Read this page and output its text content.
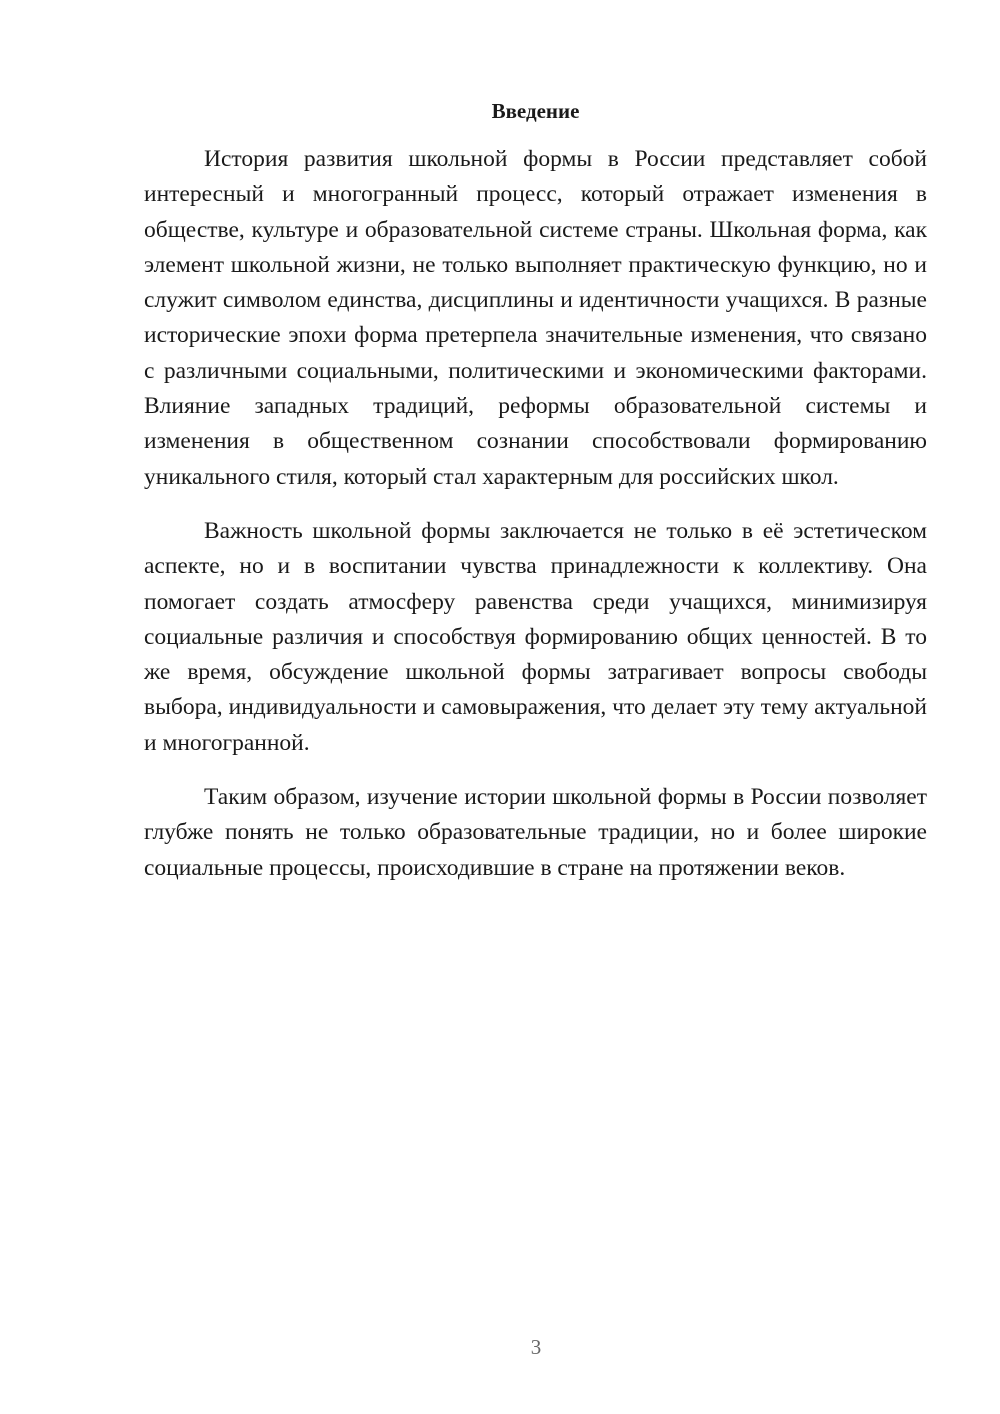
Введение

История развития школьной формы в России представляет собой интересный и многогранный процесс, который отражает изменения в обществе, культуре и образовательной системе страны. Школьная форма, как элемент школьной жизни, не только выполняет практическую функцию, но и служит символом единства, дисциплины и идентичности учащихся. В разные исторические эпохи форма претерпела значительные изменения, что связано с различными социальными, политическими и экономическими факторами. Влияние западных традиций, реформы образовательной системы и изменения в общественном сознании способствовали формированию уникального стиля, который стал характерным для российских школ.

Важность школьной формы заключается не только в её эстетическом аспекте, но и в воспитании чувства принадлежности к коллективу. Она помогает создать атмосферу равенства среди учащихся, минимизируя социальные различия и способствуя формированию общих ценностей. В то же время, обсуждение школьной формы затрагивает вопросы свободы выбора, индивидуальности и самовыражения, что делает эту тему актуальной и многогранной.

Таким образом, изучение истории школьной формы в России позволяет глубже понять не только образовательные традиции, но и более широкие социальные процессы, происходившие в стране на протяжении веков.

3
